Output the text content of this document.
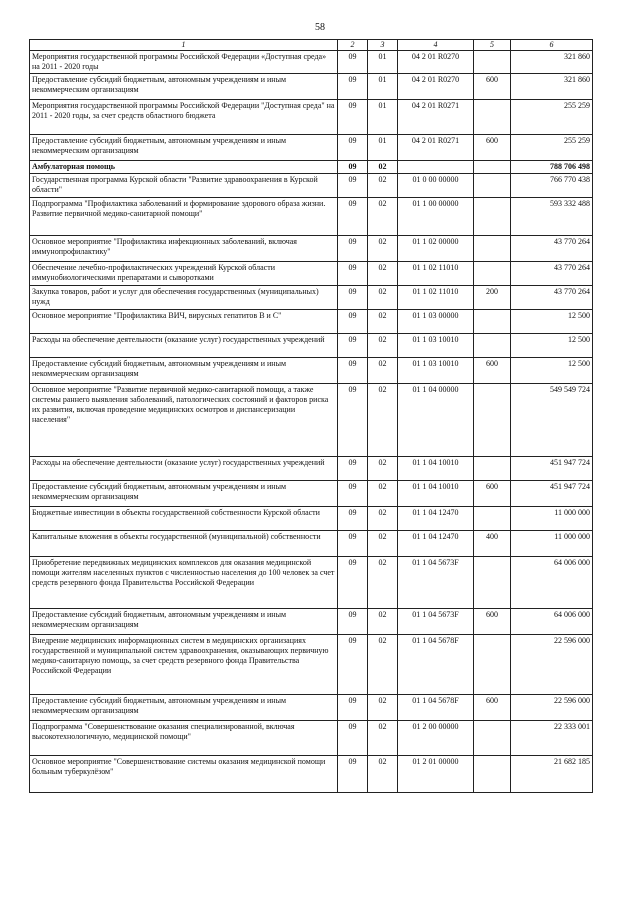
58
1	2	3	4	5	6
Мероприятия государственной программы Российской Федерации «Доступная среда» на 2011 - 2020 годы	09	01	04 2 01 R0270		321 860
Предоставление субсидий бюджетным, автономным учреждениям и иным некоммерческим организациям	09	01	04 2 01 R0270	600	321 860
Мероприятия государственной программы Российской Федерации "Доступная среда" на 2011 - 2020 годы, за счет средств областного бюджета	09	01	04 2 01 R0271		255 259
Предоставление субсидий бюджетным, автономным учреждениям и иным некоммерческим организациям	09	01	04 2 01 R0271	600	255 259
Амбулаторная помощь	09	02			788 706 498
Государственная программа Курской области "Развитие здравоохранения в Курской области"	09	02	01 0 00 00000		766 770 438
Подпрограмма "Профилактика заболеваний и формирование здорового образа жизни. Развитие первичной медико-санитарной помощи"	09	02	01 1 00 00000		593 332 488
Основное мероприятие "Профилактика инфекционных заболеваний, включая иммунопрофилактику"	09	02	01 1 02 00000		43 770 264
Обеспечение лечебно-профилактических учреждений Курской области иммунобиологическими препаратами и сыворотками	09	02	01 1 02 11010		43 770 264
Закупка товаров, работ и услуг для обеспечения государственных (муниципальных) нужд	09	02	01 1 02 11010	200	43 770 264
Основное мероприятие "Профилактика ВИЧ, вирусных гепатитов В и С"	09	02	01 1 03 00000		12 500
Расходы на обеспечение деятельности (оказание услуг) государственных учреждений	09	02	01 1 03 10010		12 500
Предоставление субсидий бюджетным, автономным учреждениям и иным некоммерческим организациям	09	02	01 1 03 10010	600	12 500
Основное мероприятие "Развитие первичной медико-санитарной помощи, а также системы раннего выявления заболеваний, патологических состояний и факторов риска их развития, включая проведение медицинских осмотров и диспансеризации населения"	09	02	01 1 04 00000		549 549 724
Расходы на обеспечение деятельности (оказание услуг) государственных учреждений	09	02	01 1 04 10010		451 947 724
Предоставление субсидий бюджетным, автономным учреждениям и иным некоммерческим организациям	09	02	01 1 04 10010	600	451 947 724
Бюджетные инвестиции в объекты государственной собственности Курской области	09	02	01 1 04 12470		11 000 000
Капитальные вложения в объекты государственной (муниципальной) собственности	09	02	01 1 04 12470	400	11 000 000
Приобретение передвижных медицинских комплексов для оказания медицинской помощи жителям населенных пунктов с численностью населения до 100 человек за счет средств резервного фонда Правительства Российской Федерации	09	02	01 1 04 5673F		64 006 000
Предоставление субсидий бюджетным, автономным учреждениям и иным некоммерческим организациям	09	02	01 1 04 5673F	600	64 006 000
Внедрение медицинских информационных систем в медицинских организациях государственной и муниципальной систем здравоохранения, оказывающих первичную медико-санитарную помощь, за счет средств резервного фонда Правительства Российской Федерации	09	02	01 1 04 5678F		22 596 000
Предоставление субсидий бюджетным, автономным учреждениям и иным некоммерческим организациям	09	02	01 1 04 5678F	600	22 596 000
Подпрограмма "Совершенствование оказания специализированной, включая высокотехнологичную, медицинской помощи"	09	02	01 2 00 00000		22 333 001
Основное мероприятие "Совершенствование системы оказания медицинской помощи больным туберкулёзом"	09	02	01 2 01 00000		21 682 185
